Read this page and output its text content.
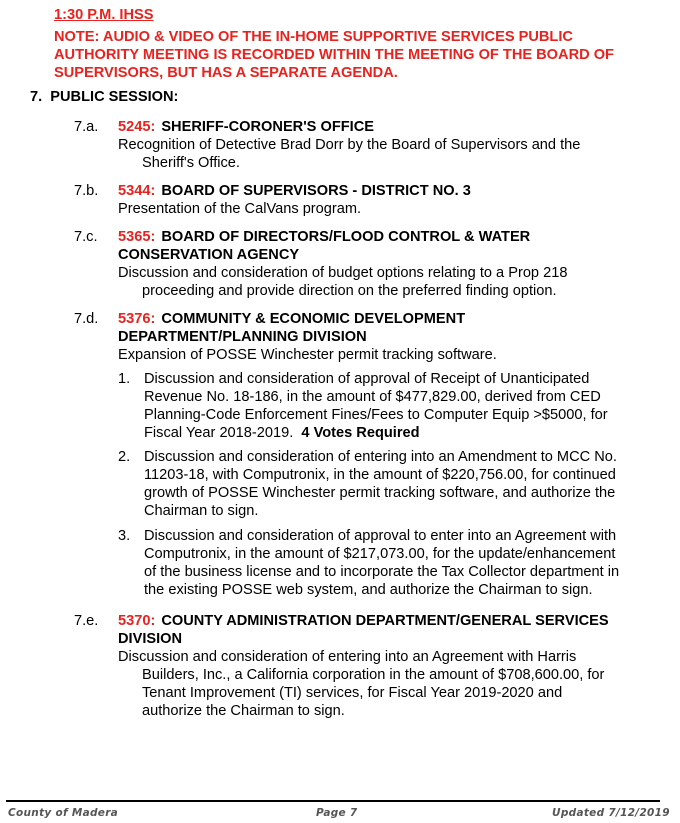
1:30 P.M. IHSS
NOTE: AUDIO & VIDEO OF THE IN-HOME SUPPORTIVE SERVICES PUBLIC AUTHORITY MEETING IS RECORDED WITHIN THE MEETING OF THE BOARD OF SUPERVISORS, BUT HAS A SEPARATE AGENDA.
7. PUBLIC SESSION:
7.a. 5245: SHERIFF-CORONER'S OFFICE
Recognition of Detective Brad Dorr by the Board of Supervisors and the Sheriff's Office.
7.b. 5344: BOARD OF SUPERVISORS - DISTRICT NO. 3
Presentation of the CalVans program.
7.c. 5365: BOARD OF DIRECTORS/FLOOD CONTROL & WATER CONSERVATION AGENCY
Discussion and consideration of budget options relating to a Prop 218 proceeding and provide direction on the preferred finding option.
7.d. 5376: COMMUNITY & ECONOMIC DEVELOPMENT DEPARTMENT/PLANNING DIVISION
Expansion of POSSE Winchester permit tracking software.
1. Discussion and consideration of approval of Receipt of Unanticipated Revenue No. 18-186, in the amount of $477,829.00, derived from CED Planning-Code Enforcement Fines/Fees to Computer Equip >$5000, for Fiscal Year 2018-2019. 4 Votes Required
2. Discussion and consideration of entering into an Amendment to MCC No. 11203-18, with Computronix, in the amount of $220,756.00, for continued growth of POSSE Winchester permit tracking software, and authorize the Chairman to sign.
3. Discussion and consideration of approval to enter into an Agreement with Computronix, in the amount of $217,073.00, for the update/enhancement of the business license and to incorporate the Tax Collector department in the existing POSSE web system, and authorize the Chairman to sign.
7.e. 5370: COUNTY ADMINISTRATION DEPARTMENT/GENERAL SERVICES DIVISION
Discussion and consideration of entering into an Agreement with Harris Builders, Inc., a California corporation in the amount of $708,600.00, for Tenant Improvement (TI) services, for Fiscal Year 2019-2020 and authorize the Chairman to sign.
County of Madera	Page 7	Updated 7/12/2019
